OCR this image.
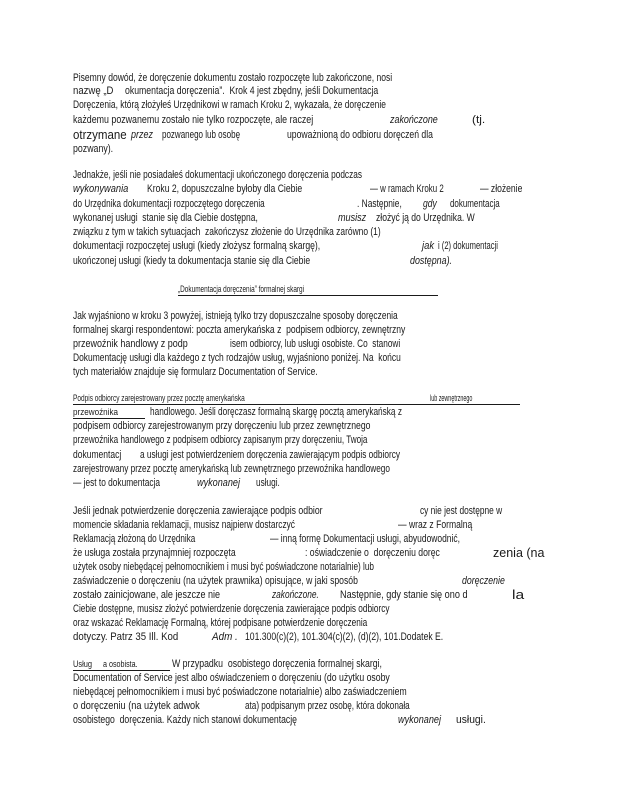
Pisemny dowód, że doręczenie dokumentu zostało rozpoczęte lub zakończone, nosi
nazwę „D okumentacja doręczenia”.  Krok 4 jest zbędny, jeśli Dokumentacja
Doręczenia, którą złożyłeś Urzędnikowi w ramach Kroku 2, wykazała, że doręczenie
każdemu pozwanemu zostało nie tylko rozpoczęte, ale raczej	zakończone	(tj.
otrzymane przez pozwanego lub osobę	upoważnioną do odbioru doręczeń dla
pozwany).
Jednakże, jeśli nie posiadałeś dokumentacji ukończonego doręczenia podczas
wykonywania Kroku 2, dopuszczalne byłoby dla Ciebie	— w ramach Kroku 2	— złożenie
do Urzędnika dokumentacji rozpoczętego doręczenia	. Następnie, gdy dokumentacja
wykonanej usługi  stanie się dla Ciebie dostępna,	musisz złożyć ją do Urzędnika. W
związku z tym w takich sytuacjach  zakończysz złożenie do Urzędnika zarówno (1)
dokumentacji rozpoczętej usługi (kiedy złożysz formalną skargę),	jak i (2) dokumentacji
ukończonej usługi (kiedy ta dokumentacja stanie się dla Ciebie	dostępna).
„Dokumentacja doręczenia” formalnej skargi
Jak wyjaśniono w kroku 3 powyżej, istnieją tylko trzy dopuszczalne sposoby doręczenia
formalnej skargi respondentowi: poczta amerykańska z  podpisem odbiorcy, zewnętrzny
przewoźnik handlowy z podp	isem odbiorcy, lub usługi osobiste. Co  stanowi
Dokumentację usługi dla każdego z tych rodzajów usług, wyjaśniono poniżej. Na  końcu
tych materiałów znajduje się formularz Documentation of Service.
Podpis odbiorcy zarejestrowany przez pocztę amerykańska	lub zewnętrznego
przewoźnika	handlowego. Jeśli doręczasz formalną skargę pocztą amerykańską z
podpisem odbiorcy zarejestrowanym przy doręczeniu lub przez zewnętrznego
przewoźnika handlowego z podpisem odbiorcy zapisanym przy doręczeniu, Twoja
dokumentacj a usługi jest potwierdzeniem doręczenia zawierającym podpis odbiorcy
zarejestrowany przez pocztę amerykańską lub zewnętrznego przewoźnika handlowego
— jest to dokumentacja	wykonanej usługi.
Jeśli jednak potwierdzenie doręczenia zawierające podpis odbior	cy nie jest dostępne w
momencie składania reklamacji, musisz najpierw dostarczyć	— wraz z Formalną
Reklamacją złożoną do Urzędnika	— inną formę Dokumentacji usługi, abyudowodnić,
że usługa została przynajmniej rozpoczęta	: oświadczenie o  doręczeniu doręc	zenia (na
użytek osoby niebędącej pełnomocnikiem i musi być poświadczone notarialnie) lub
zaświadczenie o doręczeniu (na użytek prawnika) opisujące, w jaki sposób	doręczenie
zostało zainicjowane, ale jeszcze nie	zakończone. Następnie, gdy stanie się ono d	la
Ciebie dostępne, musisz złożyć potwierdzenie doręczenia zawierające podpis odbiorcy
oraz wskazać Reklamację Formalną, której podpisane potwierdzenie doręczenia
dotyczy. Patrz 35 Ill. Kod	Adm . 101.300(c)(2), 101.304(c)(2), (d)(2), 101.Dodatek E.
Usług a osobista.	W przypadku  osobistego doręczenia formalnej skargi,
Documentation of Service jest albo oświadczeniem o doręczeniu (do użytku osoby
niebędącej pełnomocnikiem i musi być poświadczone notarialnie) albo zaświadczeniem
o doręczeniu (na użytek adwok	ata) podpisanym przez osobę, która dokonała
osobistego  doręczenia. Każdy nich stanowi dokumentację	wykonanej usługi.
